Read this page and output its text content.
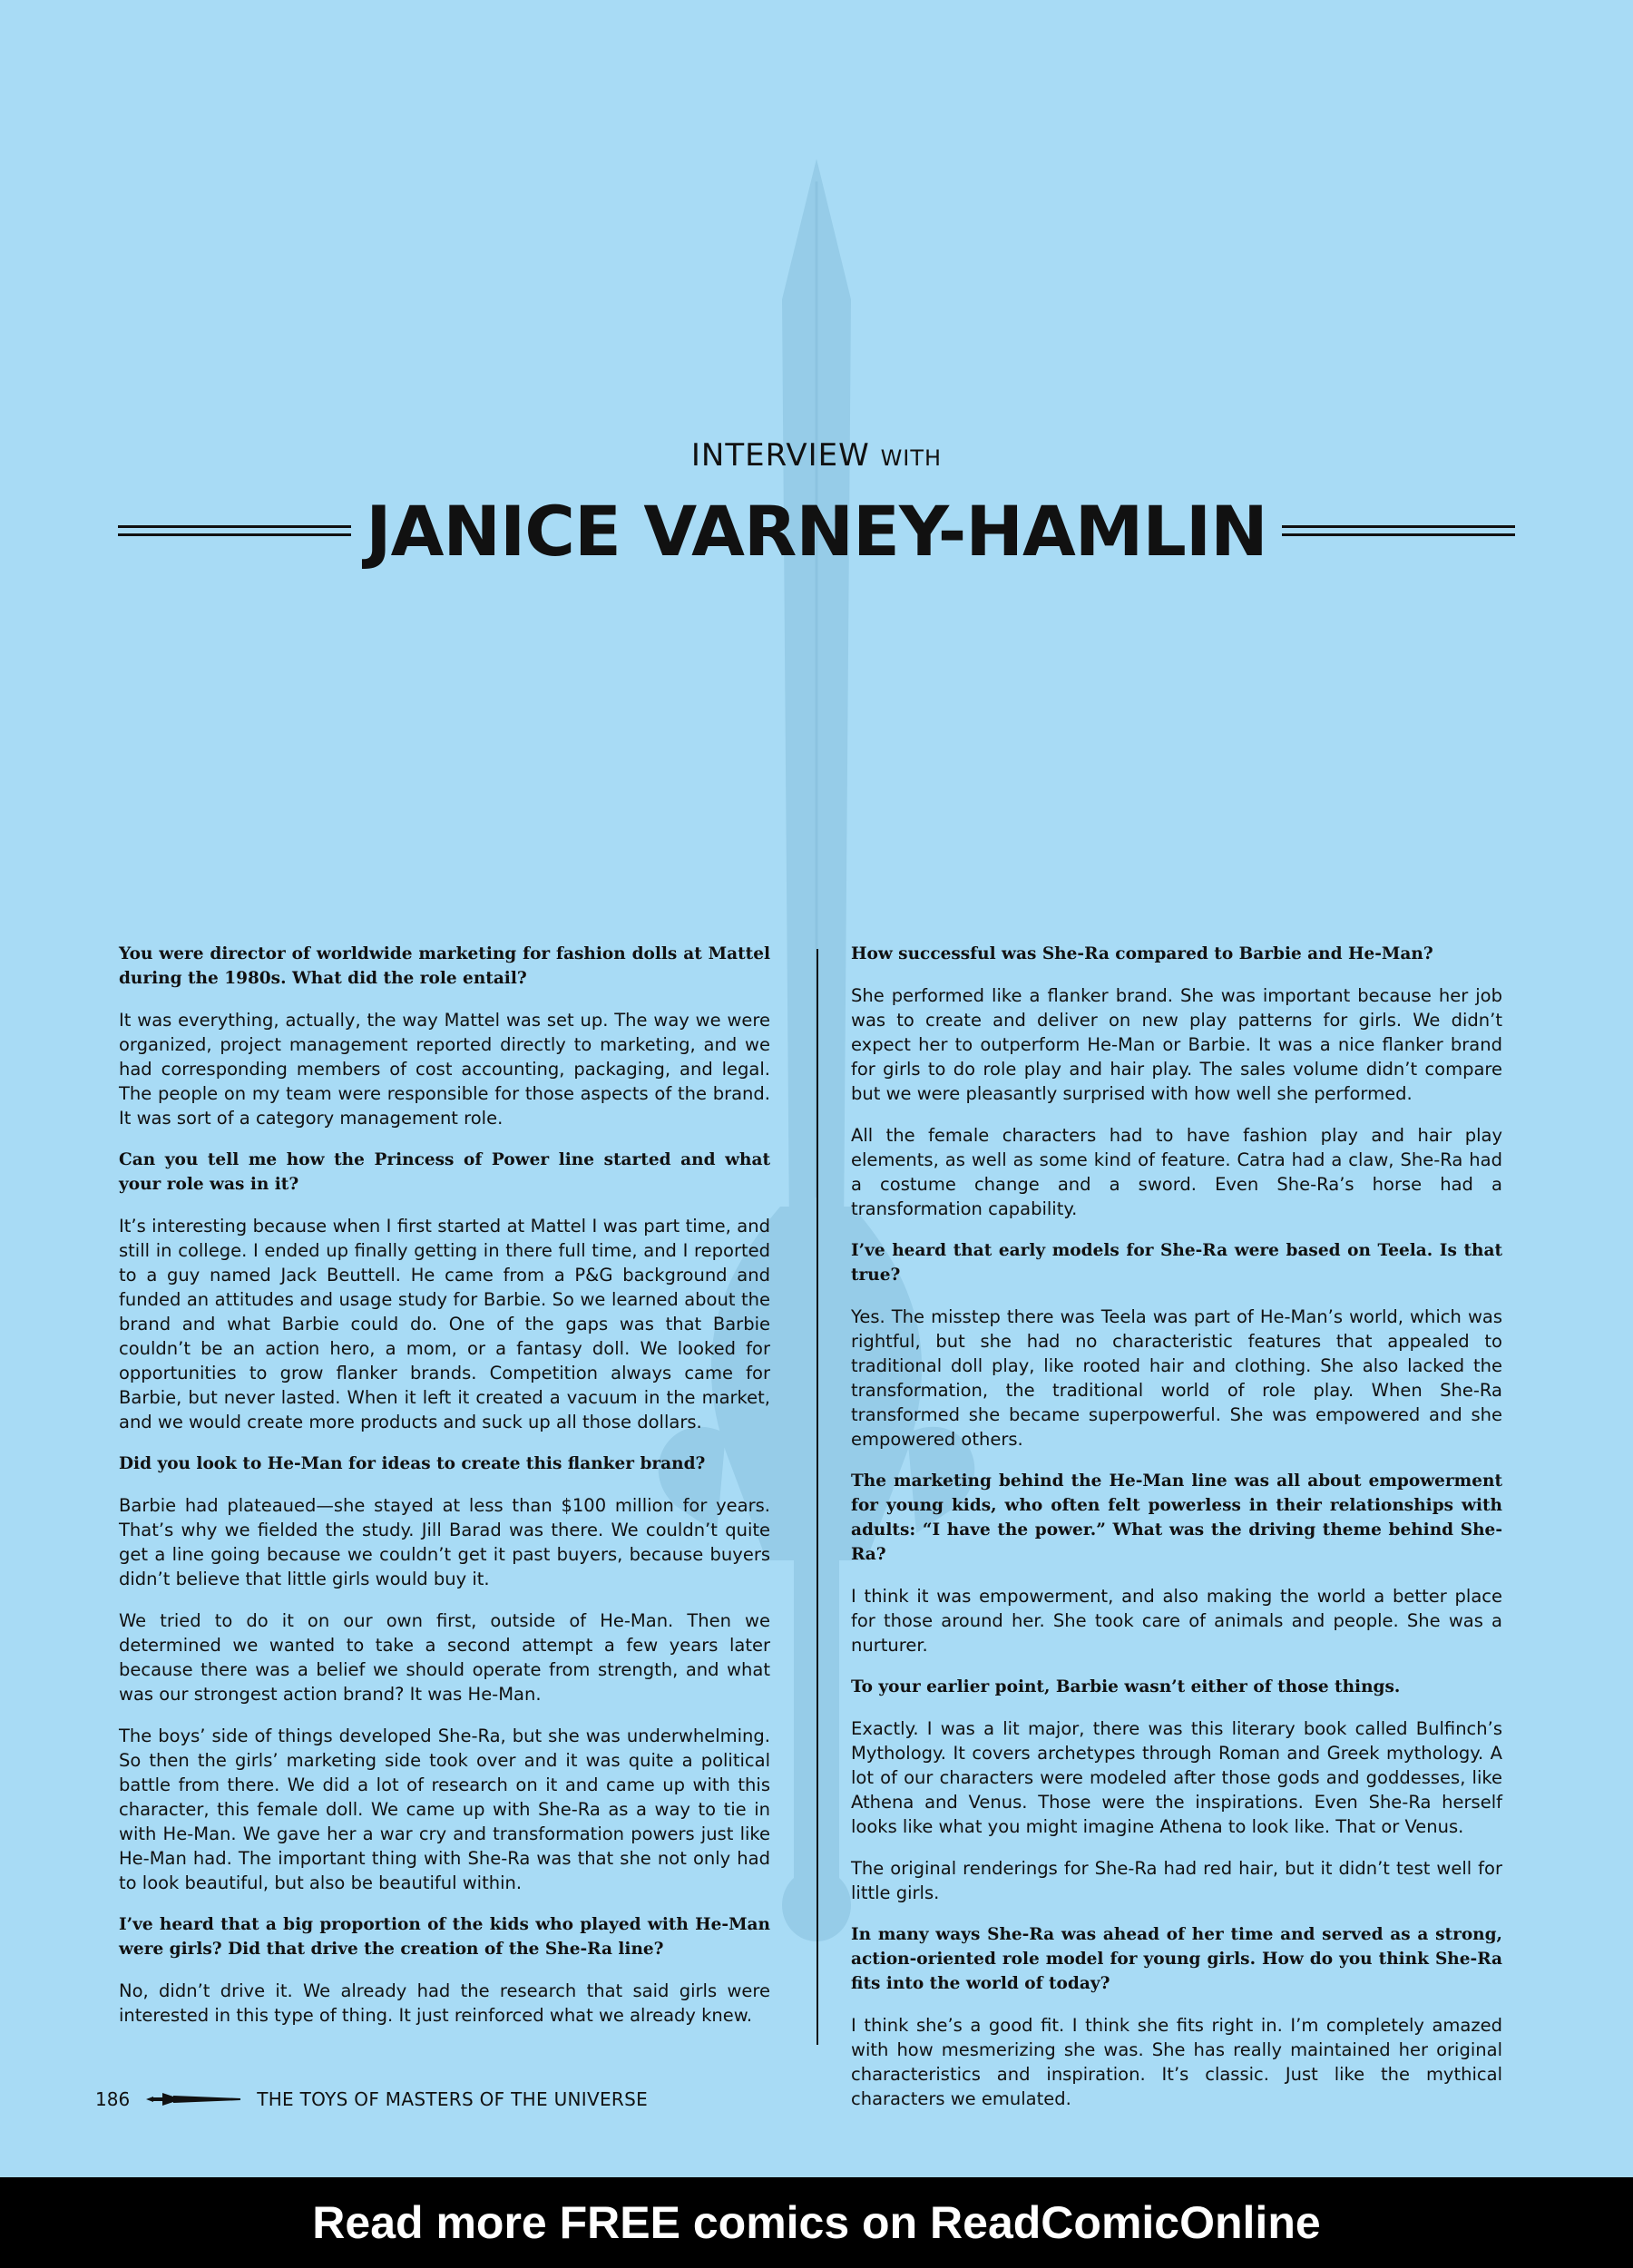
INTERVIEW WITH
JANICE VARNEY-HAMLIN

You were director of worldwide marketing for fashion dolls at Mattel during the 1980s. What did the role entail?

It was everything, actually, the way Mattel was set up. The way we were organized, project management reported directly to marketing, and we had corresponding members of cost accounting, packaging, and legal. The people on my team were responsible for those aspects of the brand. It was sort of a category management role.

Can you tell me how the Princess of Power line started and what your role was in it?

It’s interesting because when I first started at Mattel I was part time, and still in college. I ended up finally getting in there full time, and I reported to a guy named Jack Beuttell. He came from a P&G background and funded an attitudes and usage study for Barbie. So we learned about the brand and what Barbie could do. One of the gaps was that Barbie couldn’t be an action hero, a mom, or a fantasy doll. We looked for opportunities to grow flanker brands. Competition always came for Barbie, but never lasted. When it left it created a vacuum in the market, and we would create more products and suck up all those dollars.

Did you look to He-Man for ideas to create this flanker brand?

Barbie had plateaued—she stayed at less than $100 million for years. That’s why we fielded the study. Jill Barad was there. We couldn’t quite get a line going because we couldn’t get it past buyers, because buyers didn’t believe that little girls would buy it.

We tried to do it on our own first, outside of He-Man. Then we determined we wanted to take a second attempt a few years later because there was a belief we should operate from strength, and what was our strongest action brand? It was He-Man.

The boys’ side of things developed She-Ra, but she was underwhelming. So then the girls’ marketing side took over and it was quite a political battle from there. We did a lot of research on it and came up with this character, this female doll. We came up with She-Ra as a way to tie in with He-Man. We gave her a war cry and transformation powers just like He-Man had. The important thing with She-Ra was that she not only had to look beautiful, but also be beautiful within.

I’ve heard that a big proportion of the kids who played with He-Man were girls? Did that drive the creation of the She-Ra line?

No, didn’t drive it. We already had the research that said girls were interested in this type of thing. It just reinforced what we already knew.

How successful was She-Ra compared to Barbie and He-Man?

She performed like a flanker brand. She was important because her job was to create and deliver on new play patterns for girls. We didn’t expect her to outperform He-Man or Barbie. It was a nice flanker brand for girls to do role play and hair play. The sales volume didn’t compare but we were pleasantly surprised with how well she performed.

All the female characters had to have fashion play and hair play elements, as well as some kind of feature. Catra had a claw, She-Ra had a costume change and a sword. Even She-Ra’s horse had a transformation capability.

I’ve heard that early models for She-Ra were based on Teela. Is that true?

Yes. The misstep there was Teela was part of He-Man’s world, which was rightful, but she had no characteristic features that appealed to traditional doll play, like rooted hair and clothing. She also lacked the transformation, the traditional world of role play. When She-Ra transformed she became superpowerful. She was empowered and she empowered others.

The marketing behind the He-Man line was all about empowerment for young kids, who often felt powerless in their relationships with adults: “I have the power.” What was the driving theme behind She-Ra?

I think it was empowerment, and also making the world a better place for those around her. She took care of animals and people. She was a nurturer.

To your earlier point, Barbie wasn’t either of those things.

Exactly. I was a lit major, there was this literary book called Bulfinch’s Mythology. It covers archetypes through Roman and Greek mythology. A lot of our characters were modeled after those gods and goddesses, like Athena and Venus. Those were the inspirations. Even She-Ra herself looks like what you might imagine Athena to look like. That or Venus.

The original renderings for She-Ra had red hair, but it didn’t test well for little girls.

In many ways She-Ra was ahead of her time and served as a strong, action-oriented role model for young girls. How do you think She-Ra fits into the world of today?

I think she’s a good fit. I think she fits right in. I’m completely amazed with how mesmerizing she was. She has really maintained her original characteristics and inspiration. It’s classic. Just like the mythical characters we emulated.

186	THE TOYS OF MASTERS OF THE UNIVERSE
Read more FREE comics on ReadComicOnline
